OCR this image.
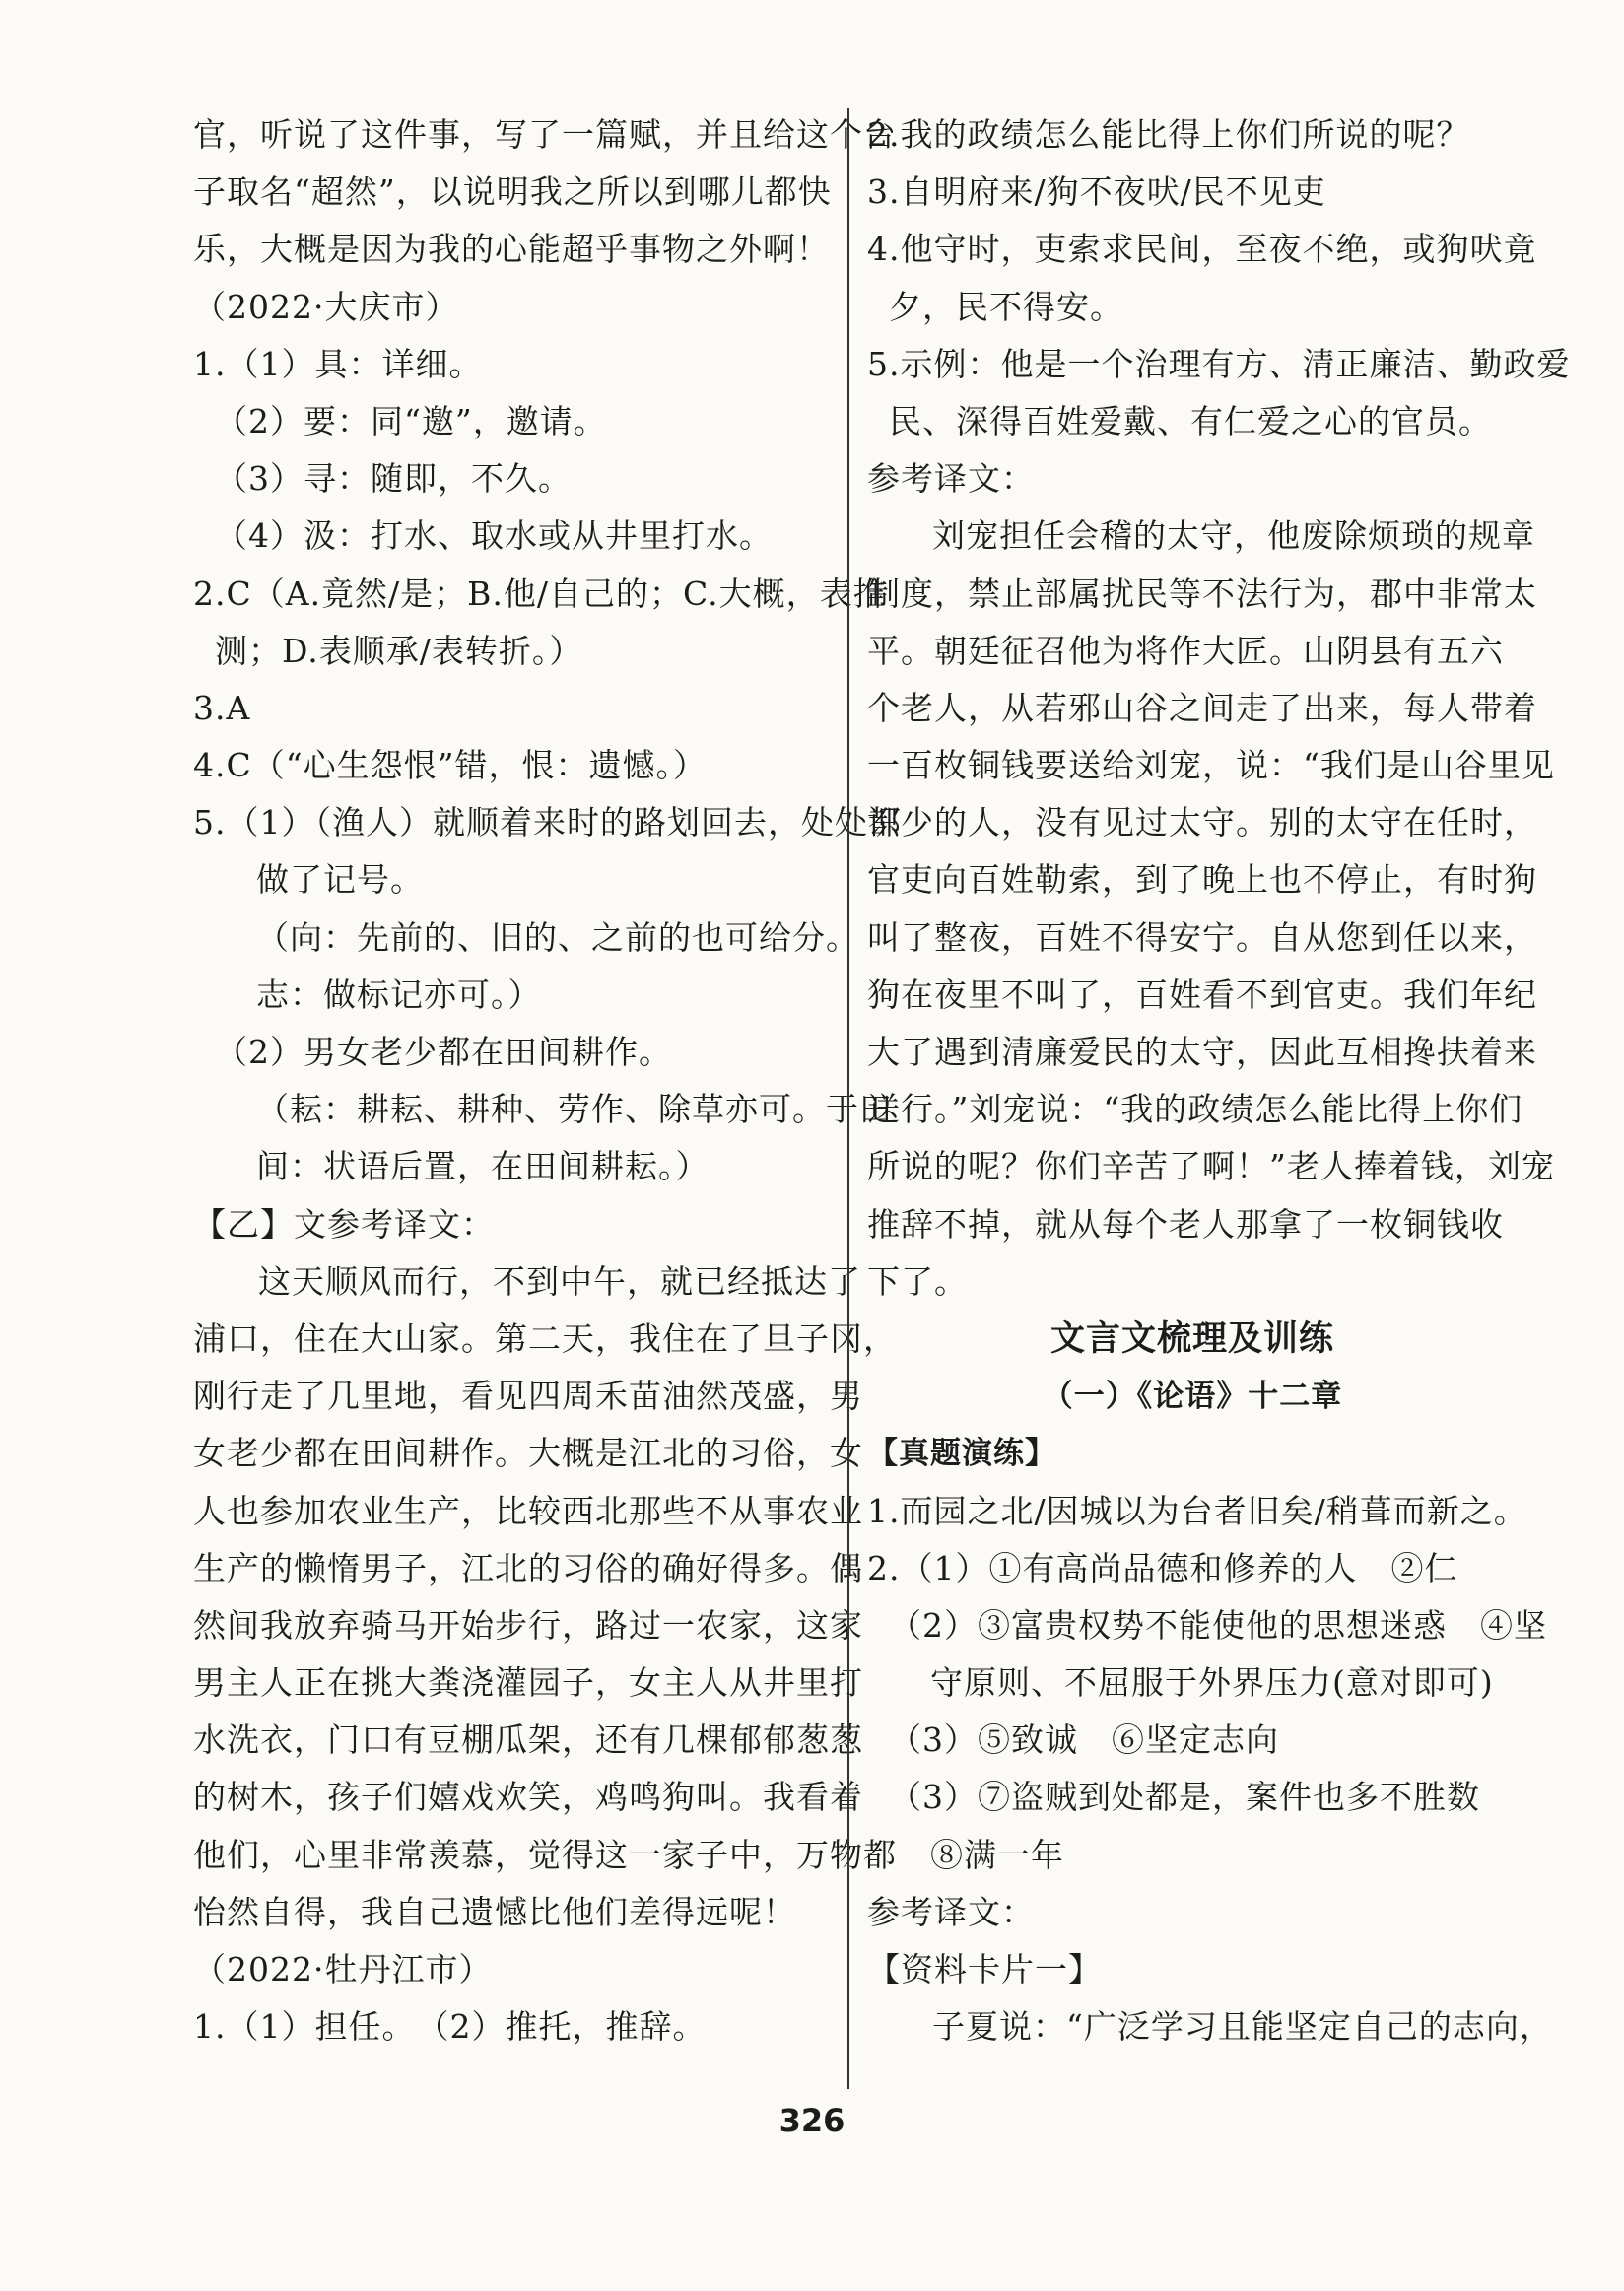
官，听说了这件事，写了一篇赋，并且给这个台
子取名“超然”，以说明我之所以到哪儿都快
乐，大概是因为我的心能超乎事物之外啊！
（2022·大庆市）
1.（1）具：详细。
（2）要：同“邀”，邀请。
（3）寻：随即，不久。
（4）汲：打水、取水或从井里打水。
2.C（A.竟然/是；B.他/自己的；C.大概，表推
测；D.表顺承/表转折。）
3.A
4.C（“心生怨恨”错，恨：遗憾。）
5.（1）（渔人）就顺着来时的路划回去，处处都
做了记号。
（向：先前的、旧的、之前的也可给分。
志：做标记亦可。）
（2）男女老少都在田间耕作。
（耘：耕耘、耕种、劳作、除草亦可。于田
间：状语后置，在田间耕耘。）
【乙】文参考译文：
这天顺风而行，不到中午，就已经抵达了
浦口，住在大山家。第二天，我住在了旦子冈，
刚行走了几里地，看见四周禾苗油然茂盛，男
女老少都在田间耕作。大概是江北的习俗，女
人也参加农业生产，比较西北那些不从事农业
生产的懒惰男子，江北的习俗的确好得多。偶
然间我放弃骑马开始步行，路过一农家，这家
男主人正在挑大粪浇灌园子，女主人从井里打
水洗衣，门口有豆棚瓜架，还有几棵郁郁葱葱
的树木，孩子们嬉戏欢笑，鸡鸣狗叫。我看着
他们，心里非常羡慕，觉得这一家子中，万物都
怡然自得，我自己遗憾比他们差得远呢！
（2022·牡丹江市）
1.（1）担任。　（2）推托，推辞。
2.我的政绩怎么能比得上你们所说的呢？
3.自明府来/狗不夜吠/民不见吏
4.他守时，吏索求民间，至夜不绝，或狗吠竟
夕，民不得安。
5.示例：他是一个治理有方、清正廉洁、勤政爱
民、深得百姓爱戴、有仁爱之心的官员。
参考译文：
刘宠担任会稽的太守，他废除烦琐的规章
制度，禁止部属扰民等不法行为，郡中非常太
平。朝廷征召他为将作大匠。山阴县有五六
个老人，从若邪山谷之间走了出来，每人带着
一百枚铜钱要送给刘宠，说：“我们是山谷里见
识少的人，没有见过太守。别的太守在任时，
官吏向百姓勒索，到了晚上也不停止，有时狗
叫了整夜，百姓不得安宁。自从您到任以来，
狗在夜里不叫了，百姓看不到官吏。我们年纪
大了遇到清廉爱民的太守，因此互相搀扶着来
送行。”刘宠说：“我的政绩怎么能比得上你们
所说的呢？你们辛苦了啊！”老人捧着钱，刘宠
推辞不掉，就从每个老人那拿了一枚铜钱收
下了。
文言文梳理及训练
（一）《论语》十二章
【真题演练】
1.而园之北/因城以为台者旧矣/稍葺而新之。
2.（1）①有高尚品德和修养的人　②仁
（2）③富贵权势不能使他的思想迷惑　④坚
守原则、不屈服于外界压力(意对即可)
（3）⑤致诚　⑥坚定志向
（3）⑦盗贼到处都是，案件也多不胜数
⑧满一年
参考译文：
【资料卡片一】
子夏说：“广泛学习且能坚定自己的志向，
326
